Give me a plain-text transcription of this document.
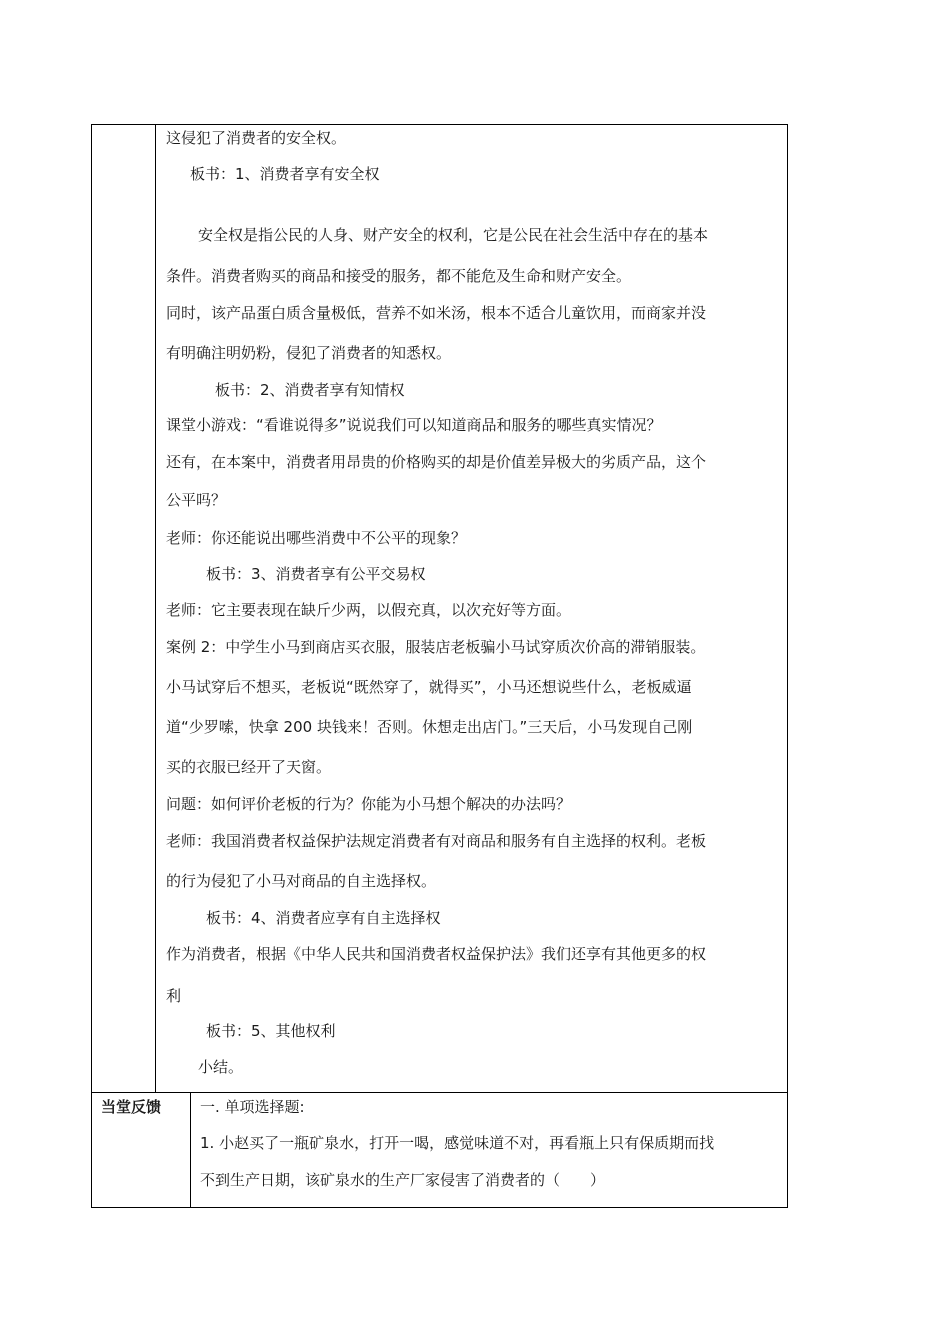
这侵犯了消费者的安全权。
板书：1、消费者享有安全权
安全权是指公民的人身、财产安全的权利，它是公民在社会生活中存在的基本
条件。消费者购买的商品和接受的服务，都不能危及生命和财产安全。
同时，该产品蛋白质含量极低，营养不如米汤，根本不适合儿童饮用，而商家并没
有明确注明奶粉，侵犯了消费者的知悉权。
板书：2、消费者享有知情权
课堂小游戏：“看谁说得多”说说我们可以知道商品和服务的哪些真实情况？
还有，在本案中，消费者用昂贵的价格购买的却是价值差异极大的劣质产品，这个
公平吗？
老师：你还能说出哪些消费中不公平的现象？
板书：3、消费者享有公平交易权
老师：它主要表现在缺斤少两，以假充真，以次充好等方面。
案例 2：中学生小马到商店买衣服，服装店老板骗小马试穿质次价高的滞销服装。
小马试穿后不想买，老板说“既然穿了，就得买”，小马还想说些什么，老板威逼
道“少罗嗦，快拿 200 块钱来！否则。休想走出店门。”三天后，小马发现自己刚
买的衣服已经开了天窗。
问题：如何评价老板的行为？你能为小马想个解决的办法吗？
老师：我国消费者权益保护法规定消费者有对商品和服务有自主选择的权利。老板
的行为侵犯了小马对商品的自主选择权。
板书：4、消费者应享有自主选择权
作为消费者，根据《中华人民共和国消费者权益保护法》我们还享有其他更多的权
利
板书：5、其他权利
小结。
当堂反馈	一. 单项选择题:
1. 小赵买了一瓶矿泉水，打开一喝，感觉味道不对，再看瓶上只有保质期而找
不到生产日期，该矿泉水的生产厂家侵害了消费者的（　　）
